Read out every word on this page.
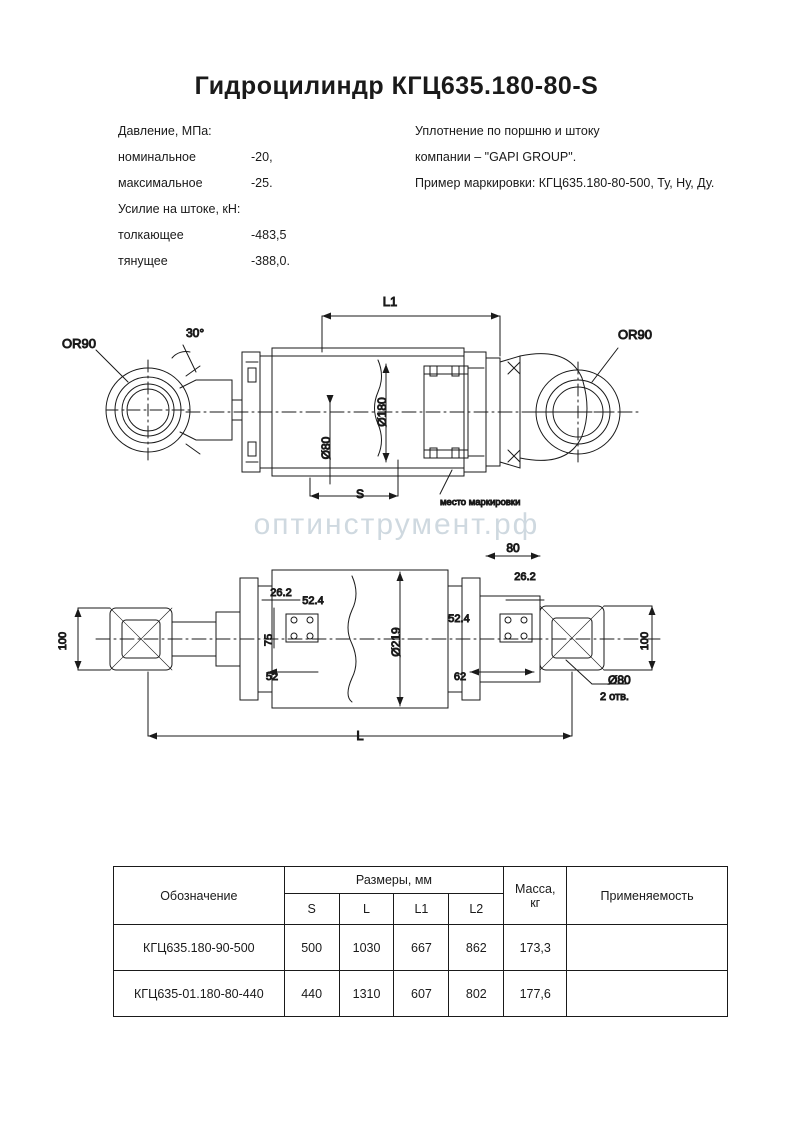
Гидроцилиндр КГЦ635.180-80-S
Давление, МПа:
номинальное	-20,
максимальное	-25.
Усилие на штоке, кН:
толкающее	-483,5
тянущее	-388,0.
Уплотнение по поршню и штоку
компании – "GAPI GROUP".
Пример маркировки: КГЦ635.180-80-500, Ту, Ну, Ду.
L1
S
30°
OR90
OR90
Ø180
Ø80
место маркировки
Ø219
80
26.2
26.2
52.4
52.4
75
52	62
100	100
Ø80
2 отв.
L
оптинструмент.рф
Обозначение	Размеры, мм				Масса,
кг	Применяемость
	S	L	L1	L2		
КГЦ635.180-90-500	500	1030	667	862	173,3	
КГЦ635-01.180-80-440	440	1310	607	802	177,6	
